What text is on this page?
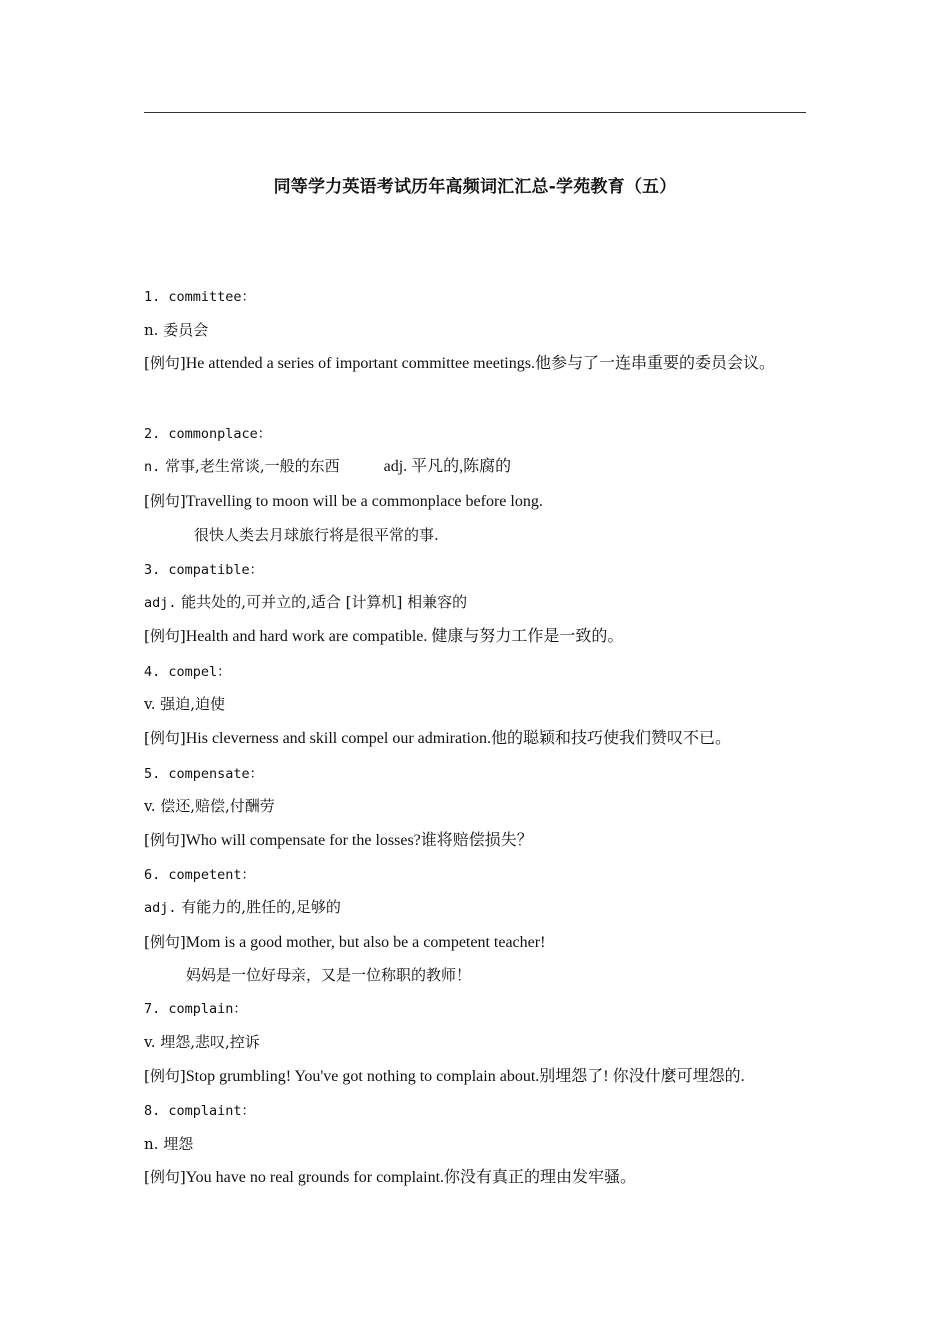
同等学力英语考试历年高频词汇汇总-学苑教育（五）
1. committee：
n. 委员会
[例句]He attended a series of important committee meetings.他参与了一连串重要的委员会议。
2. commonplace：
n. 常事,老生常谈,一般的东西	adj. 平凡的,陈腐的
[例句]Travelling to moon will be a commonplace before long.
很快人类去月球旅行将是很平常的事.
3. compatible：
adj. 能共处的,可并立的,适合 [计算机] 相兼容的
[例句]Health and hard work are compatible. 健康与努力工作是一致的。
4. compel：
v. 强迫,迫使
[例句]His cleverness and skill compel our admiration.他的聪颖和技巧使我们赞叹不已。
5. compensate：
v. 偿还,赔偿,付酬劳
[例句]Who will compensate for the losses?谁将赔偿损失？
6. competent：
adj. 有能力的,胜任的,足够的
[例句]Mom is a good mother, but also be a competent teacher!
妈妈是一位好母亲，又是一位称职的教师！
7. complain：
v. 埋怨,悲叹,控诉
[例句]Stop grumbling! You've got nothing to complain about.别埋怨了! 你没什麼可埋怨的.
8. complaint：
n. 埋怨
[例句]You have no real grounds for complaint.你没有真正的理由发牢骚。
